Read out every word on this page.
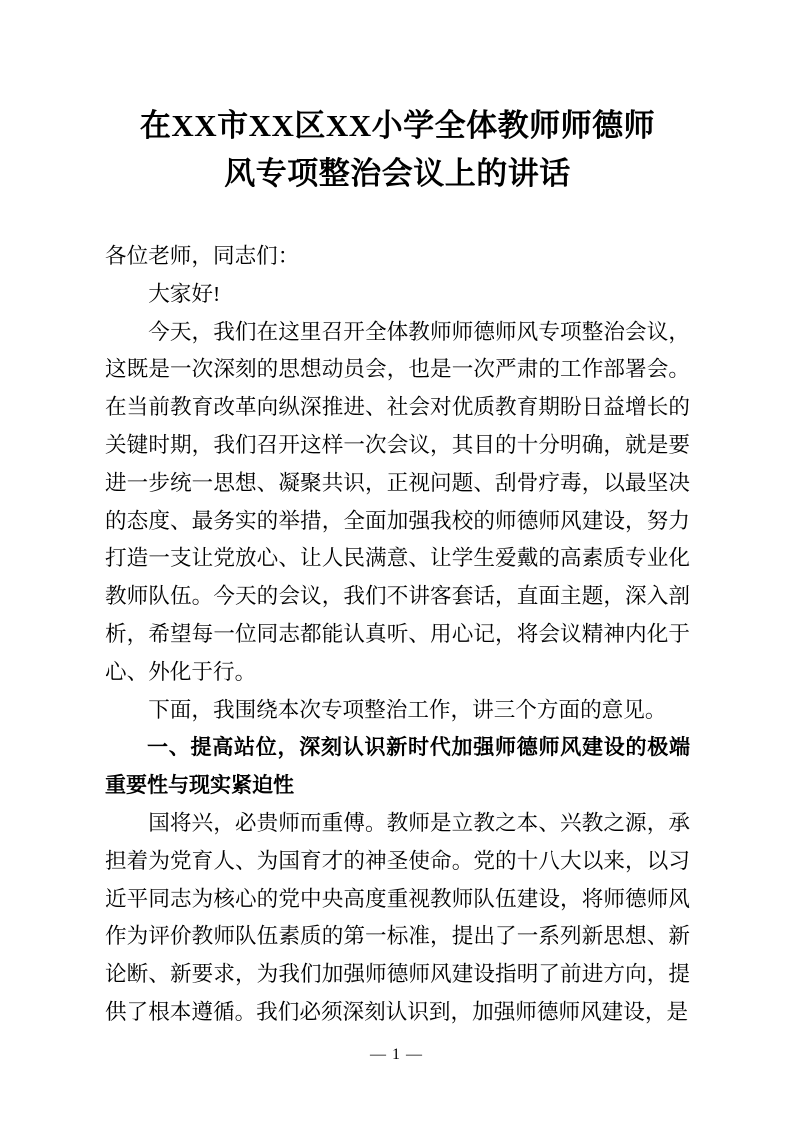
在XX市XX区XX小学全体教师师德师
风专项整治会议上的讲话

各位老师，同志们：

大家好!

今天，我们在这里召开全体教师师德师风专项整治会议，这既是一次深刻的思想动员会，也是一次严肃的工作部署会。在当前教育改革向纵深推进、社会对优质教育期盼日益增长的关键时期，我们召开这样一次会议，其目的十分明确，就是要进一步统一思想、凝聚共识，正视问题、刮骨疗毒，以最坚决的态度、最务实的举措，全面加强我校的师德师风建设，努力打造一支让党放心、让人民满意、让学生爱戴的高素质专业化教师队伍。今天的会议，我们不讲客套话，直面主题，深入剖析，希望每一位同志都能认真听、用心记，将会议精神内化于心、外化于行。

下面，我围绕本次专项整治工作，讲三个方面的意见。

一、提高站位，深刻认识新时代加强师德师风建设的极端重要性与现实紧迫性

国将兴，必贵师而重傅。教师是立教之本、兴教之源，承担着为党育人、为国育才的神圣使命。党的十八大以来，以习近平同志为核心的党中央高度重视教师队伍建设，将师德师风作为评价教师队伍素质的第一标准，提出了一系列新思想、新论断、新要求，为我们加强师德师风建设指明了前进方向，提供了根本遵循。我们必须深刻认识到，加强师德师风建设，是

— 1 —
